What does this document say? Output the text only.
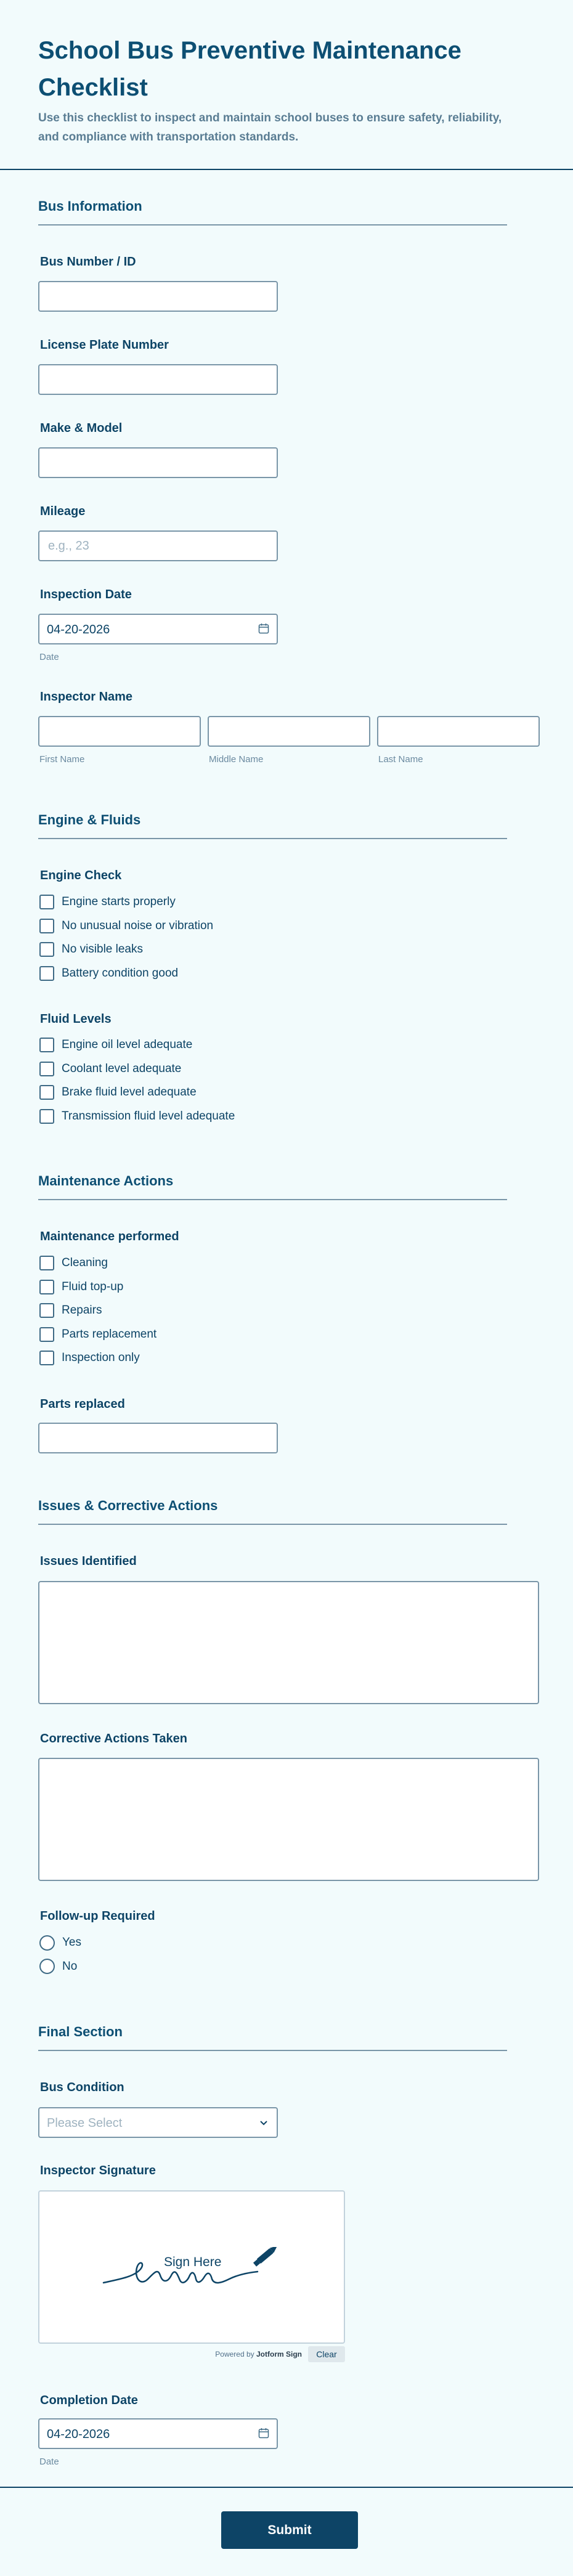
School Bus Preventive Maintenance Checklist

Use this checklist to inspect and maintain school buses to ensure safety, reliability, and compliance with transportation standards.

Bus Information
Bus Number / ID
License Plate Number
Make & Model
Mileage
e.g., 23
Inspection Date
04-20-2026
Date
Inspector Name
First Name	Middle Name	Last Name
Engine & Fluids
Engine Check
Engine starts properly
No unusual noise or vibration
No visible leaks
Battery condition good
Fluid Levels
Engine oil level adequate
Coolant level adequate
Brake fluid level adequate
Transmission fluid level adequate
Maintenance Actions
Maintenance performed
Cleaning
Fluid top-up
Repairs
Parts replacement
Inspection only
Parts replaced
Issues & Corrective Actions
Issues Identified
Corrective Actions Taken
Follow-up Required
Yes
No
Final Section
Bus Condition
Please Select
Inspector Signature
Sign Here
Powered by Jotform Sign	Clear
Completion Date
04-20-2026
Date
Submit
